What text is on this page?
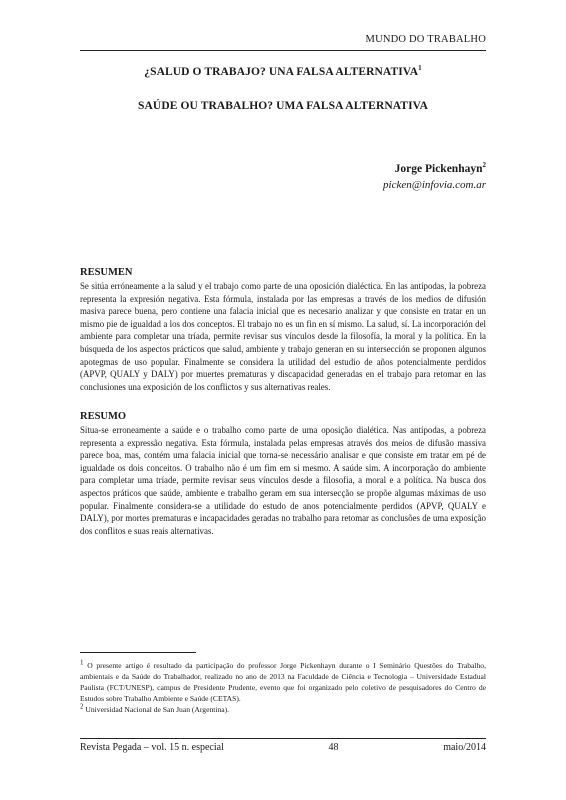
MUNDO DO TRABALHO
¿SALUD O TRABAJO? UNA FALSA ALTERNATIVA$^1$
SAÚDE OU TRABALHO? UMA FALSA ALTERNATIVA
Jorge Pickenhayn$^2$
picken@infovia.com.ar
RESUMEN

Se sitúa erróneamente a la salud y el trabajo como parte de una oposición dialéctica. En las antípodas, la pobreza representa la expresión negativa. Esta fórmula, instalada por las empresas a través de los medios de difusión masiva parece buena, pero contiene una falacia inicial que es necesario analizar y que consiste en tratar en un mismo pie de igualdad a los dos conceptos. El trabajo no es un fin en sí mismo. La salud, sí. La incorporación del ambiente para completar una tríada, permite revisar sus vínculos desde la filosofía, la moral y la política. En la búsqueda de los aspectos prácticos que salud, ambiente y trabajo generan en su intersección se proponen algunos apotegmas de uso popular. Finalmente se considera la utilidad del estudio de años potencialmente perdidos (APVP, QUALY y DALY) por muertes prematuras y discapacidad generadas en el trabajo para retomar en las conclusiones una exposición de los conflictos y sus alternativas reales.

RESUMO

Situa-se erroneamente a saúde e o trabalho como parte de uma oposição dialética. Nas antípodas, a pobreza representa a expressão negativa. Esta fórmula, instalada pelas empresas através dos meios de difusão massiva parece boa, mas, contém uma falacia inicial que torna-se necessário analisar e que consiste em tratar em pé de igualdade os dois conceitos. O trabalho não é um fim em si mesmo. A saúde sim. A incorporação do ambiente para completar uma tríade, permite revisar seus vínculos desde a filosofia, a moral e a política. Na busca dos aspectos práticos que saúde, ambiente e trabalho geram em sua intersecção se propõe algumas máximas de uso popular. Finalmente considera-se a utilidade do estudo de anos potencialmente perdidos (APVP, QUALY e DALY), por mortes prematuras e incapacidades geradas no trabalho para retomar as conclusões de uma exposição dos conflitos e suas reais alternativas.

$^1$ O presente artigo é resultado da participação do professor Jorge Pickenhayn durante o I Seminário Questões do Trabalho, ambientais e da Saúde do Trabalhador, realizado no ano de 2013 na Faculdade de Ciência e Tecnologia – Universidade Estadual Paulista (FCT/UNESP), campus de Presidente Prudente, evento que foi organizado pelo coletivo de pesquisadores do Centro de Estudos sobre Trabalho Ambiente e Saúde (CETAS).

$^2$ Universidad Nacional de San Juan (Argentina).

Revista Pegada – vol. 15 n. especial	48	maio/2014
